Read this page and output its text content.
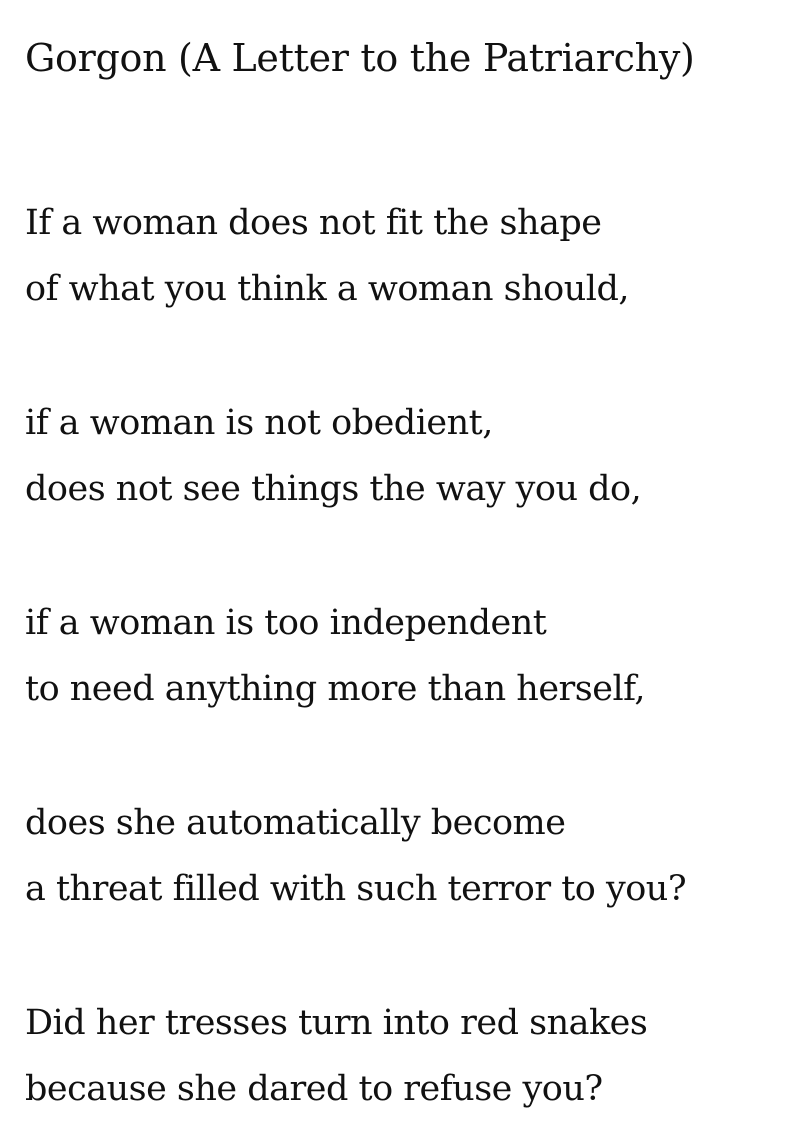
Gorgon (A Letter to the Patriarchy)

If a woman does not fit the shape
of what you think a woman should,

if a woman is not obedient,
does not see things the way you do,

if a woman is too independent
to need anything more than herself,

does she automatically become
a threat filled with such terror to you?

Did her tresses turn into red snakes
because she dared to refuse you?
